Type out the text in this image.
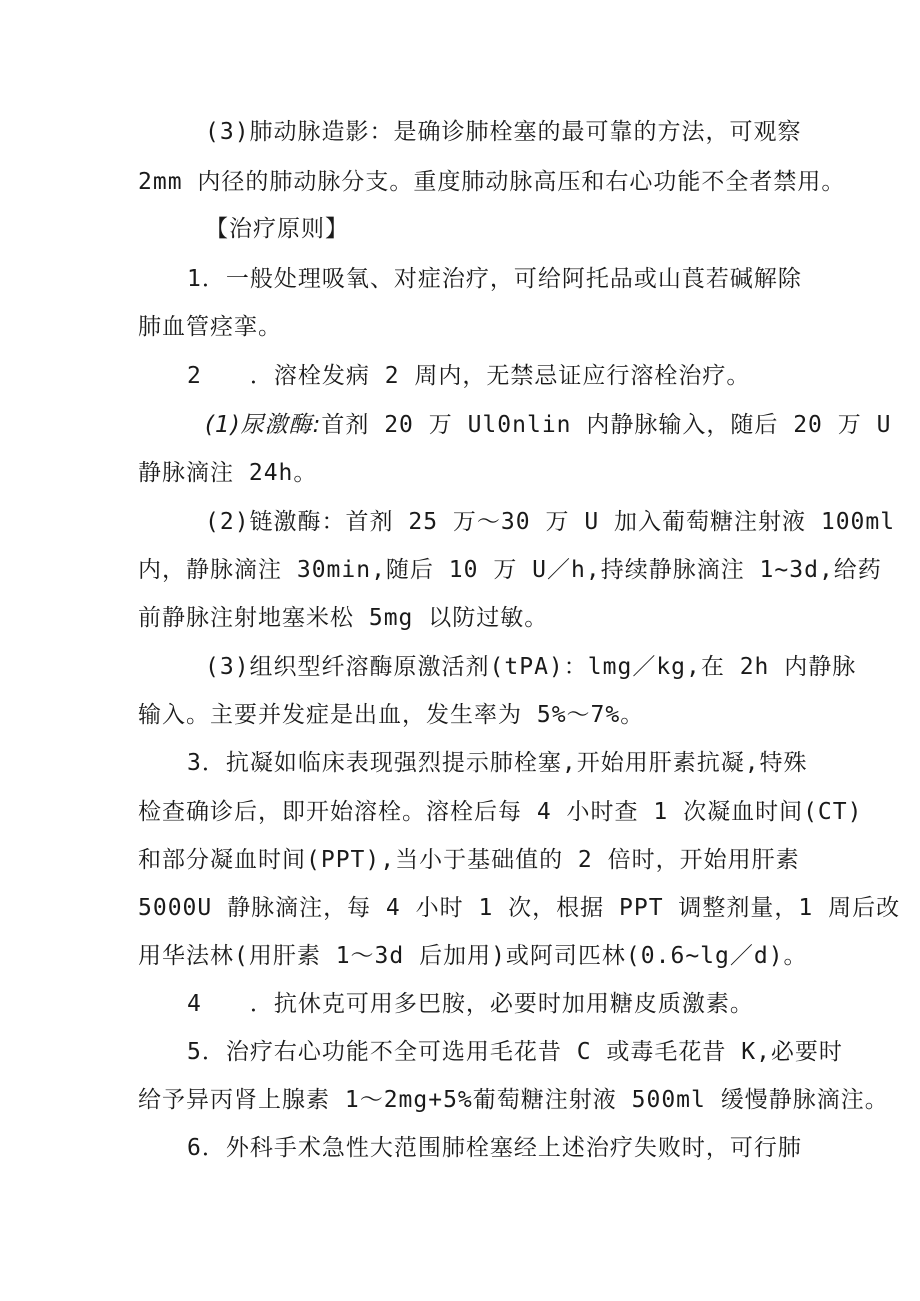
(3)肺动脉造影：是确诊肺栓塞的最可靠的方法，可观察
2mm 内径的肺动脉分支。重度肺动脉高压和右心功能不全者禁用。
【治疗原则】
1．一般处理吸氧、对症治疗，可给阿托品或山莨若碱解除
肺血管痉挛。
2　　．溶栓发病 2 周内，无禁忌证应行溶栓治疗。
(1)尿激酶:首剂 20 万 Ul0nlin 内静脉输入，随后 20 万 U
静脉滴注 24h。
(2)链激酶：首剂 25 万～30 万 U 加入葡萄糖注射液 100ml
内，静脉滴注 30min,随后 10 万 U／h,持续静脉滴注 1~3d,给药
前静脉注射地塞米松 5mg 以防过敏。
(3)组织型纤溶酶原激活剂(tPA)：lmg／kg,在 2h 内静脉
输入。主要并发症是出血，发生率为 5%～7%。
3．抗凝如临床表现强烈提示肺栓塞,开始用肝素抗凝,特殊
检查确诊后，即开始溶栓。溶栓后每 4 小时查 1 次凝血时间(CT)
和部分凝血时间(PPT),当小于基础值的 2 倍时，开始用肝素
5000U 静脉滴注，每 4 小时 1 次，根据 PPT 调整剂量，1 周后改
用华法林(用肝素 1～3d 后加用)或阿司匹林(0.6~lg／d)。
4　　．抗休克可用多巴胺，必要时加用糖皮质激素。
5．治疗右心功能不全可选用毛花昔 C 或毒毛花昔 K,必要时
给予异丙肾上腺素 1～2mg+5%葡萄糖注射液 500ml 缓慢静脉滴注。
6．外科手术急性大范围肺栓塞经上述治疗失败时，可行肺
